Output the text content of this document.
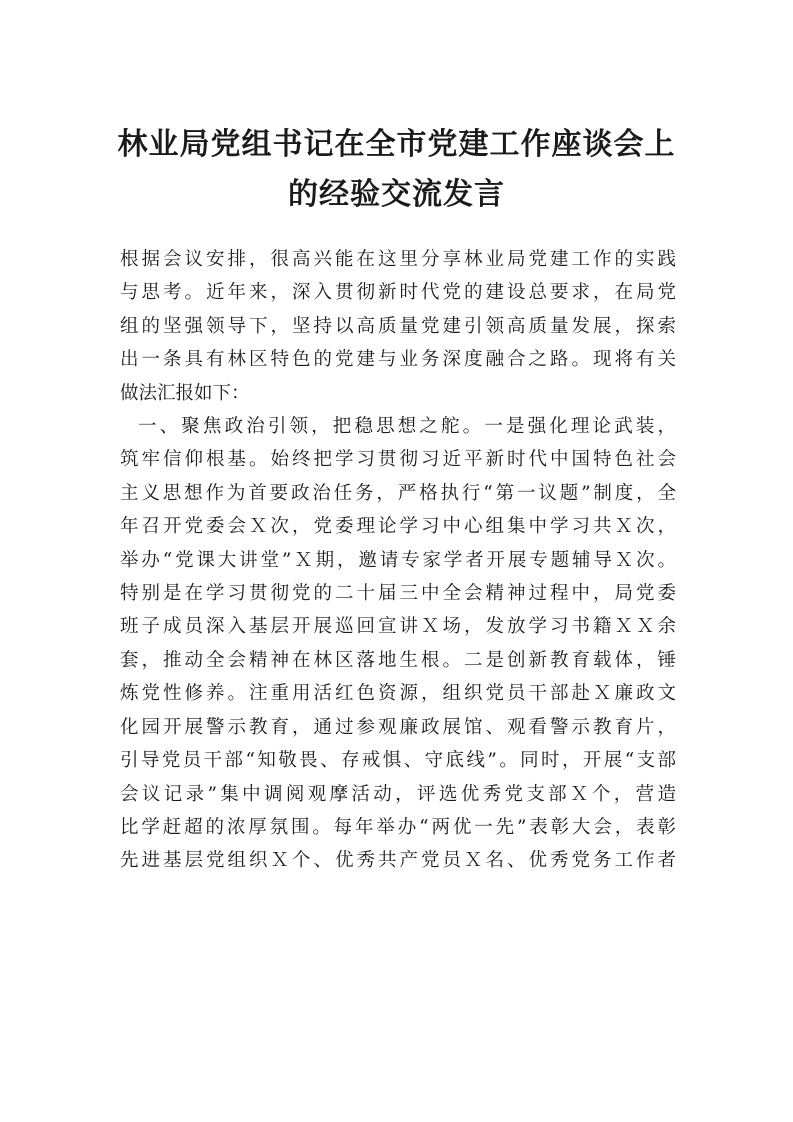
林业局党组书记在全市党建工作座谈会上
的经验交流发言
根据会议安排，很高兴能在这里分享林业局党建工作的实践
与思考。近年来，深入贯彻新时代党的建设总要求，在局党
组的坚强领导下，坚持以高质量党建引领高质量发展，探索
出一条具有林区特色的党建与业务深度融合之路。现将有关
做法汇报如下：
一、聚焦政治引领，把稳思想之舵。一是强化理论武装，
筑牢信仰根基。始终把学习贯彻习近平新时代中国特色社会
主义思想作为首要政治任务，严格执行“第一议题”制度，全
年召开党委会Ｘ次，党委理论学习中心组集中学习共Ｘ次，
举办“党课大讲堂”Ｘ期，邀请专家学者开展专题辅导Ｘ次。
特别是在学习贯彻党的二十届三中全会精神过程中，局党委
班子成员深入基层开展巡回宣讲Ｘ场，发放学习书籍ＸＸ余
套，推动全会精神在林区落地生根。二是创新教育载体，锤
炼党性修养。注重用活红色资源，组织党员干部赴Ｘ廉政文
化园开展警示教育，通过参观廉政展馆、观看警示教育片，
引导党员干部“知敬畏、存戒惧、守底线”。同时，开展“支部
会议记录”集中调阅观摩活动，评选优秀党支部Ｘ个，营造
比学赶超的浓厚氛围。每年举办“两优一先”表彰大会，表彰
先进基层党组织Ｘ个、优秀共产党员Ｘ名、优秀党务工作者
